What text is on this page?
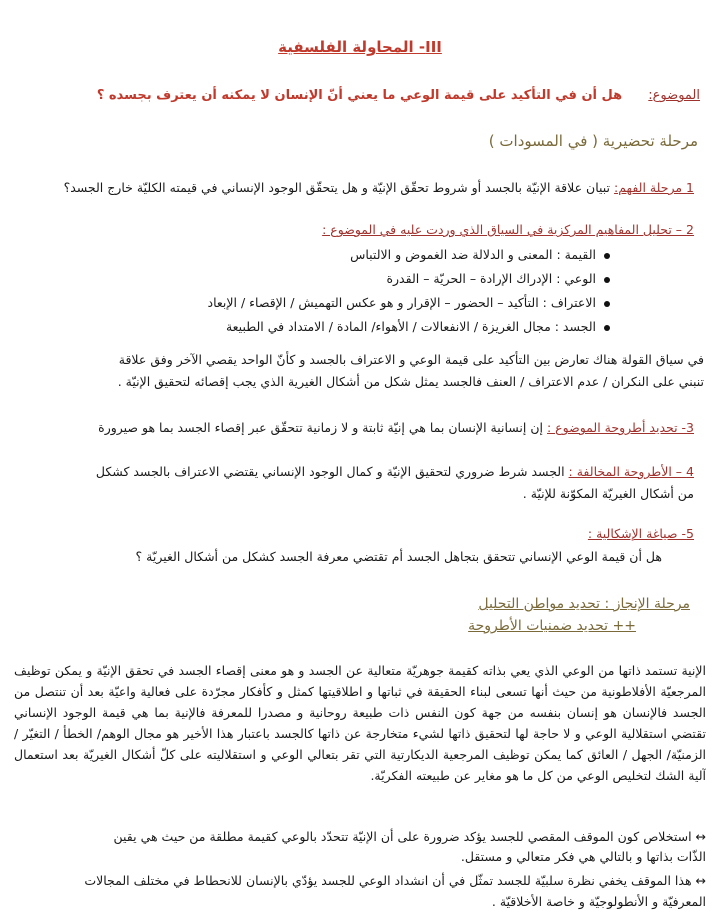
III- المحاولة الفلسفية
الموضوع: هل أن في التأكيد على قيمة الوعي ما يعني أنّ الإنسان لا يمكنه أن يعترف بجسده ؟
مرحلة تحضيرية ( في المسودات )
1 مرحلة الفهم: تبيان علاقة الإنيّة بالجسد أو شروط تحقّق الإنيّة و هل يتحقّق الوجود الإنساني في قيمته الكليّة خارج الجسد؟
2 – تحليل المفاهيم المركزية في السياق الذي وردت عليه في الموضوع :
القيمة : المعنى و الدلالة ضد الغموض و الالتباس
الوعي : الإدراك الإرادة – الحريّة – القدرة
الاعتراف : التأكيد – الحضور – الإقرار و هو عكس التهميش / الإقصاء / الإبعاد
الجسد : مجال الغريزة / الانفعالات / الأهواء/ المادة / الامتداد في الطبيعة
في سياق القولة هناك تعارض بين التأكيد على قيمة الوعي و الاعتراف بالجسد و كأنّ الواحد يقصي الآخر وفق علاقة
تنبني على النكران / عدم الاعتراف / العنف فالجسد يمثل شكل من أشكال الغيرية الذي يجب إقصائه لتحقيق الإنيّة .
3- تحديد أطروحة الموضوع : إن إنسانية الإنسان بما هي إنيّة ثابتة و لا زمانية تتحقّق عبر إقصاء الجسد بما هو صيرورة
4 – الأطروحة المخالفة : الجسد شرط ضروري لتحقيق الإنيّة و كمال الوجود الإنساني يقتضي الاعتراف بالجسد كشكل
من أشكال الغيريّة المكوّنة للإنيّة .
5- صياغة الإشكالية :
هل أن قيمة الوعي الإنساني تتحقق بتجاهل الجسد أم تقتضي معرفة الجسد كشكل من أشكال الغيريّة ؟
مرحلة الإنجاز : تحديد مواطن التحليل
++ تحديد ضمنيات الأطروحة
الإنية تستمد ذاتها من الوعي الذي يعي بذاته كقيمة جوهريّة متعالية عن الجسد و هو معنى إقصاء الجسد في تحقق الإنيّة و يمكن توظيف المرجعيّة الأفلاطونية من حيث أنها تسعى لبناء الحقيقة في ثباتها و اطلاقيتها كمثل و كأفكار مجرّدة على فعالية واعيّة بعد أن تنتصل من الجسد فالإنسان هو إنسان بنفسه من جهة كون النفس ذات طبيعة روحانية و مصدرا للمعرفة فالإنية بما هي قيمة الوجود الإنساني تقتضي استقلالية الوعي و لا حاجة لها لتحقيق ذاتها لشيء متخارجة عن ذاتها كالجسد باعتبار هذا الأخير هو مجال الوهم/ الخطأ / التغيّر / الزمنيّة/ الجهل / العائق كما يمكن توظيف المرجعية الديكارتية التي تقر بتعالي الوعي و استقلاليته على كلّ أشكال الغيريّة بعد استعمال آلية الشك لتخليص الوعي من كل ما هو مغاير عن طبيعته الفكريّة.
↔ استخلاص كون الموقف المقصي للجسد يؤكد ضرورة على أن الإنيّة تتحدّد بالوعي كقيمة مطلقة من حيث هي يقين
الذّات بذاتها و بالتالي هي فكر متعالي و مستقل.
↔ هذا الموقف يخفي نظرة سلبيّة للجسد تمثّل في أن انشداد الوعي للجسد يؤدّي بالإنسان للانحطاط في مختلف المجالات
المعرفيّة و الأنطولوجيّة و خاصة الأخلاقيّة .
